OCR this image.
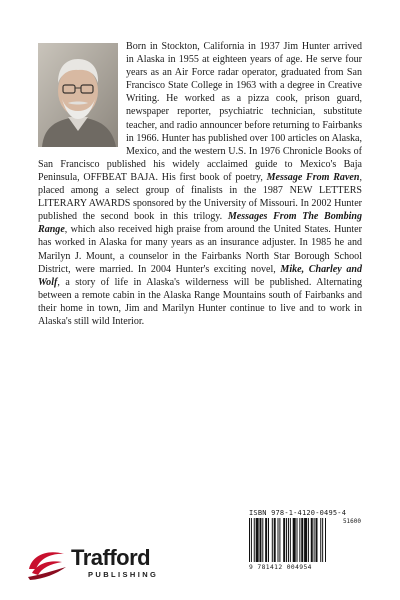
Born in Stockton, California in 1937 Jim Hunter arrived in Alaska in 1955 at eighteen years of age. He serve four years as an Air Force radar operator, graduated from San Francisco State College in 1963 with a degree in Creative Writing. He worked as a pizza cook, prison guard, newspaper reporter, psychiatric technician, substitute teacher, and radio announcer before returning to Fairbanks in 1966. Hunter has published over 100 articles on Alaska, Mexico, and the western U.S. In 1976 Chronicle Books of San Francisco published his widely acclaimed guide to Mexico's Baja Peninsula, OFFBEAT BAJA. His first book of poetry, Message From Raven, placed among a select group of finalists in the 1987 NEW LETTERS LITERARY AWARDS sponsored by the University of Missouri. In 2002 Hunter published the second book in this trilogy. Messages From The Bombing Range, which also received high praise from around the United States. Hunter has worked in Alaska for many years as an insurance adjuster. In 1985 he and Marilyn J. Mount, a counselor in the Fairbanks North Star Borough School District, were married. In 2004 Hunter's exciting novel, Mike, Charley and Wolf, a story of life in Alaska's wilderness will be published. Alternating between a remote cabin in the Alaska Range Mountains south of Fairbanks and their home in town, Jim and Marilyn Hunter continue to live and to work in Alaska's still wild Interior.
ISBN 978-1-4120-0495-4
51600
9 781412 004954
Trafford
PUBLISHING
